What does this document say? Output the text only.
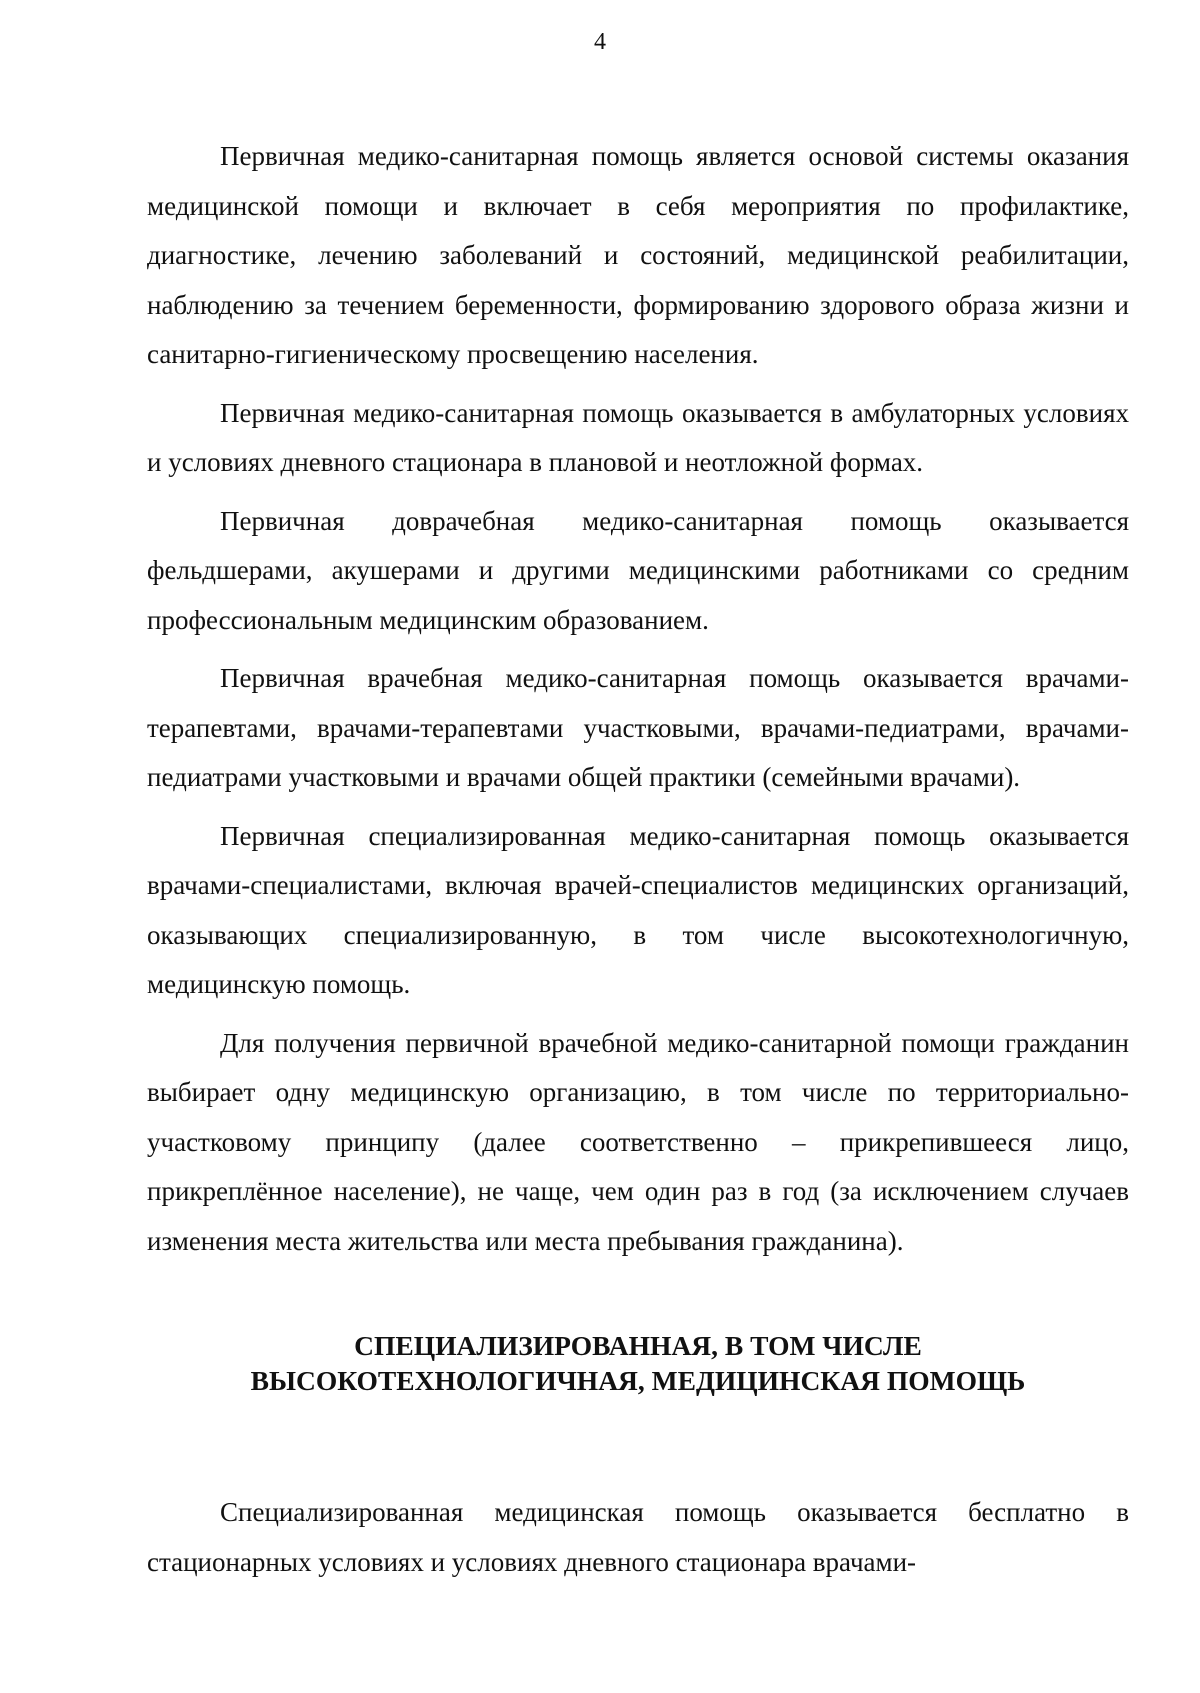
4

Первичная медико-санитарная помощь является основой системы оказания медицинской помощи и включает в себя мероприятия по профилактике, диагностике, лечению заболеваний и состояний, медицинской реабилитации, наблюдению за течением беременности, формированию здорового образа жизни и санитарно-гигиеническому просвещению населения.

Первичная медико-санитарная помощь оказывается в амбулаторных условиях и условиях дневного стационара в плановой и неотложной формах.

Первичная доврачебная медико-санитарная помощь оказывается фельдшерами, акушерами и другими медицинскими работниками со средним профессиональным медицинским образованием.

Первичная врачебная медико-санитарная помощь оказывается врачами-терапевтами, врачами-терапевтами участковыми, врачами-педиатрами, врачами-педиатрами участковыми и врачами общей практики (семейными врачами).

Первичная специализированная медико-санитарная помощь оказывается врачами-специалистами, включая врачей-специалистов медицинских организаций, оказывающих специализированную, в том числе высокотехнологичную, медицинскую помощь.

Для получения первичной врачебной медико-санитарной помощи гражданин выбирает одну медицинскую организацию, в том числе по территориально-участковому принципу (далее соответственно – прикрепившееся лицо, прикреплённое население), не чаще, чем один раз в год (за исключением случаев изменения места жительства или места пребывания гражданина).

СПЕЦИАЛИЗИРОВАННАЯ, В ТОМ ЧИСЛЕ
ВЫСОКОТЕХНОЛОГИЧНАЯ, МЕДИЦИНСКАЯ ПОМОЩЬ

Специализированная медицинская помощь оказывается бесплатно в стационарных условиях и условиях дневного стационара врачами-
